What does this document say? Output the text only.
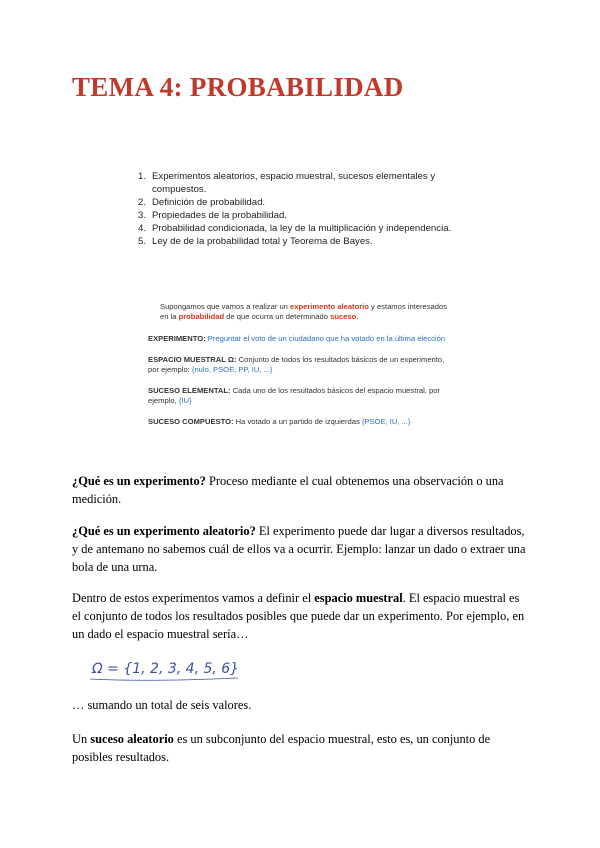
TEMA 4: PROBABILIDAD
1. Experimentos aleatorios, espacio muestral, sucesos elementales y compuestos.
2. Definición de probabilidad.
3. Propiedades de la probabilidad.
4. Probabilidad condicionada, la ley de la multiplicación y independencia.
5. Ley de de la probabilidad total y Teorema de Bayes.
Supongamos que vamos a realizar un experimento aleatorio y estamos interesados en la probabilidad de que ocurra un determinado suceso.
EXPERIMENTO: Preguntar el voto de un ciudadano que ha votado en la última elección
ESPACIO MUESTRAL Ω: Conjunto de todos los resultados básicos de un experimento, por ejemplo: {nulo, PSOE, PP, IU, ...}
SUCESO ELEMENTAL: Cada uno de los resultados básicos del espacio muestral, por ejemplo, {IU}
SUCESO COMPUESTO: Ha votado a un partido de izquierdas {PSOE, IU, ...}

¿Qué es un experimento? Proceso mediante el cual obtenemos una observación o una medición.

¿Qué es un experimento aleatorio? El experimento puede dar lugar a diversos resultados, y de antemano no sabemos cuál de ellos va a ocurrir. Ejemplo: lanzar un dado o extraer una bola de una urna.

Dentro de estos experimentos vamos a definir el espacio muestral. El espacio muestral es el conjunto de todos los resultados posibles que puede dar un experimento. Por ejemplo, en un dado el espacio muestral sería…

Ω = {1, 2, 3, 4, 5, 6}

… sumando un total de seis valores.

Un suceso aleatorio es un subconjunto del espacio muestral, esto es, un conjunto de posibles resultados.
